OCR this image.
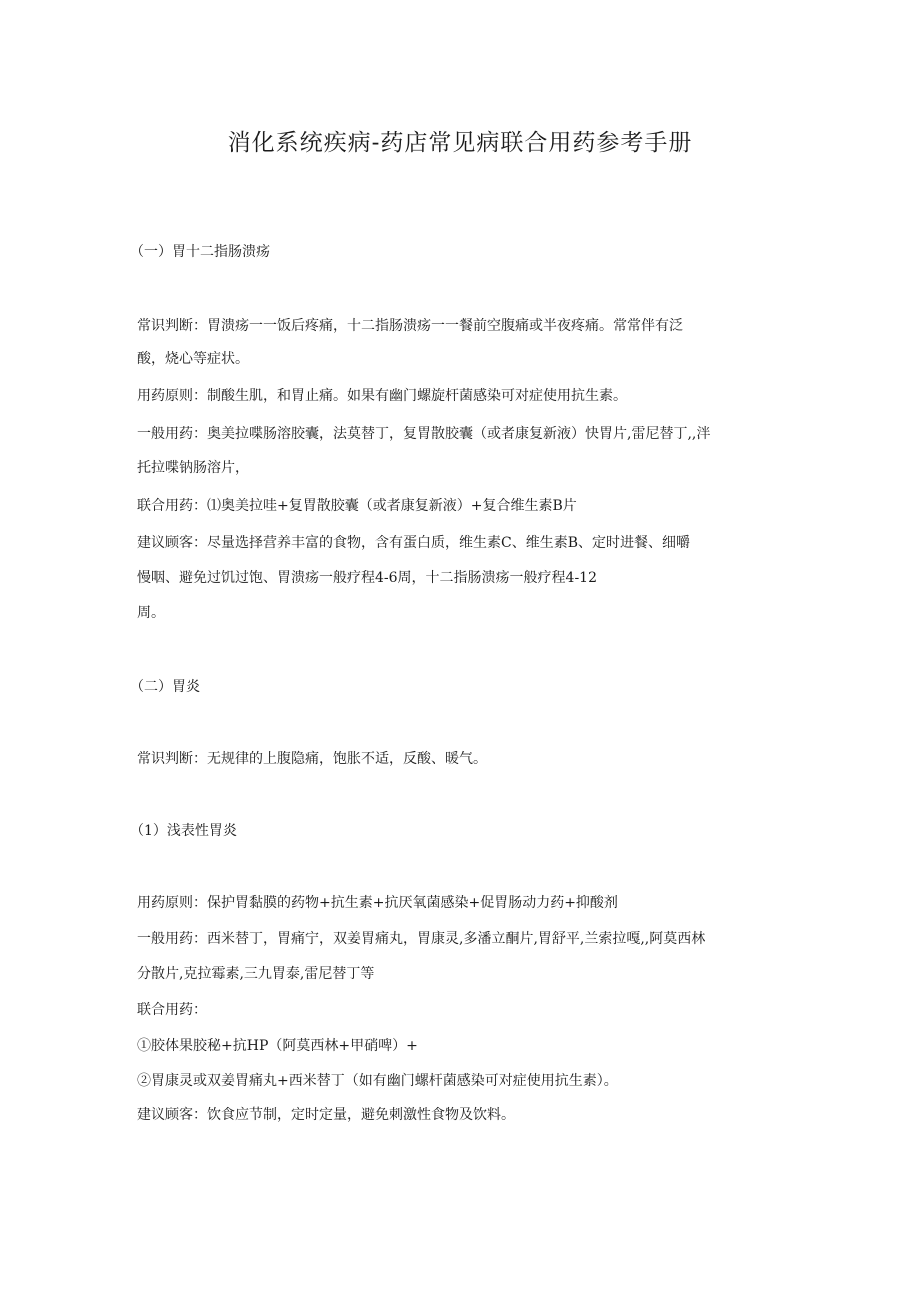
消化系统疾病-药店常见病联合用药参考手册

（一）胃十二指肠溃疡

常识判断：胃溃疡一一饭后疼痛，十二指肠溃疡一一餐前空腹痛或半夜疼痛。常常伴有泛

酸，烧心等症状。

用药原则：制酸生肌，和胃止痛。如果有幽门螺旋杆菌感染可对症使用抗生素。

一般用药：奥美拉喋肠溶胶囊，法莫替丁，复胃散胶囊（或者康复新液）快胃片,雷尼替丁,,泮

托拉喋钠肠溶片，

联合用药：⑴奥美拉哇+复胃散胶囊（或者康复新液）+复合维生素B片

建议顾客：尽量选择营养丰富的食物，含有蛋白质，维生素C、维生素B、定时进餐、细嚼

慢咽、避免过饥过饱、胃溃疡一般疗程4-6周，十二指肠溃疡一般疗程4-12

周。

（二）胃炎

常识判断：无规律的上腹隐痛，饱胀不适，反酸、暖气。

（1）浅表性胃炎

用药原则：保护胃黏膜的药物+抗生素+抗厌氧菌感染+促胃肠动力药+抑酸剂

一般用药：西米替丁，胃痛宁，双姜胃痛丸，胃康灵,多潘立酮片,胃舒平,兰索拉嘎,,阿莫西林

分散片,克拉霉素,三九胃泰,雷尼替丁等

联合用药：

①胶体果胶秘+抗HP（阿莫西林+甲硝啤）+

②胃康灵或双姜胃痛丸+西米替丁（如有幽门螺杆菌感染可对症使用抗生素）。

建议顾客：饮食应节制，定时定量，避免刺激性食物及饮料。
